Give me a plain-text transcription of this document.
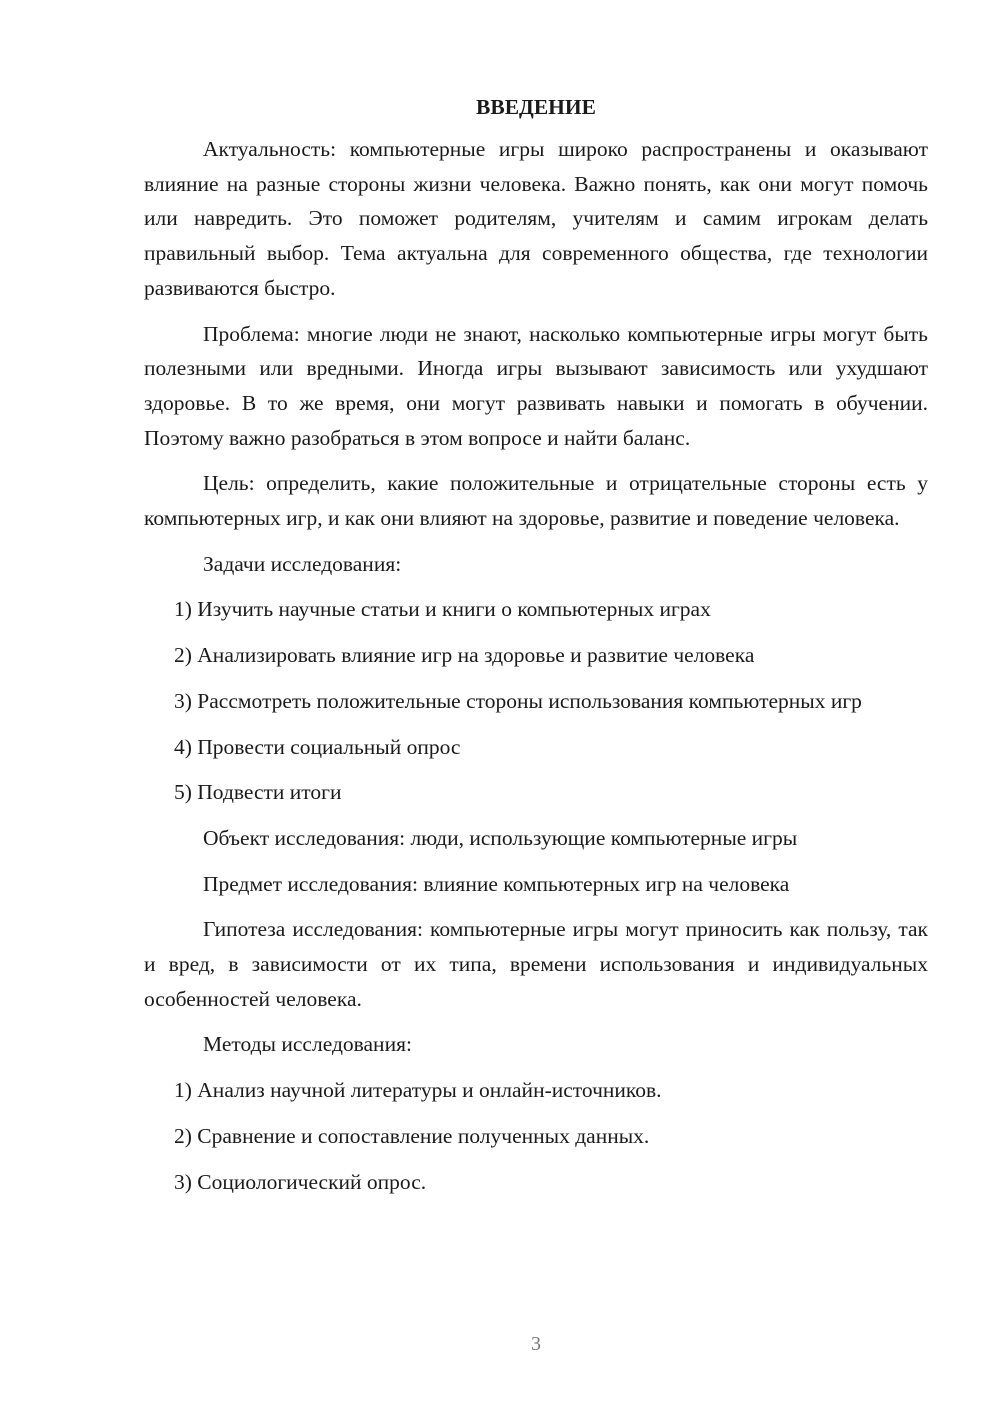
ВВЕДЕНИЕ

Актуальность: компьютерные игры широко распространены и оказывают влияние на разные стороны жизни человека. Важно понять, как они могут помочь или навредить. Это поможет родителям, учителям и самим игрокам делать правильный выбор. Тема актуальна для современного общества, где технологии развиваются быстро.

Проблема: многие люди не знают, насколько компьютерные игры могут быть полезными или вредными. Иногда игры вызывают зависимость или ухудшают здоровье. В то же время, они могут развивать навыки и помогать в обучении. Поэтому важно разобраться в этом вопросе и найти баланс.

Цель: определить, какие положительные и отрицательные стороны есть у компьютерных игр, и как они влияют на здоровье, развитие и поведение человека.

Задачи исследования:

1) Изучить научные статьи и книги о компьютерных играх

2) Анализировать влияние игр на здоровье и развитие человека

3) Рассмотреть положительные стороны использования компьютерных игр

4) Провести социальный опрос

5) Подвести итоги

Объект исследования: люди, использующие компьютерные игры

Предмет исследования: влияние компьютерных игр на человека

Гипотеза исследования: компьютерные игры могут приносить как пользу, так и вред, в зависимости от их типа, времени использования и индивидуальных особенностей человека.

Методы исследования:

1) Анализ научной литературы и онлайн-источников.

2) Сравнение и сопоставление полученных данных.

3) Социологический опрос.

3
